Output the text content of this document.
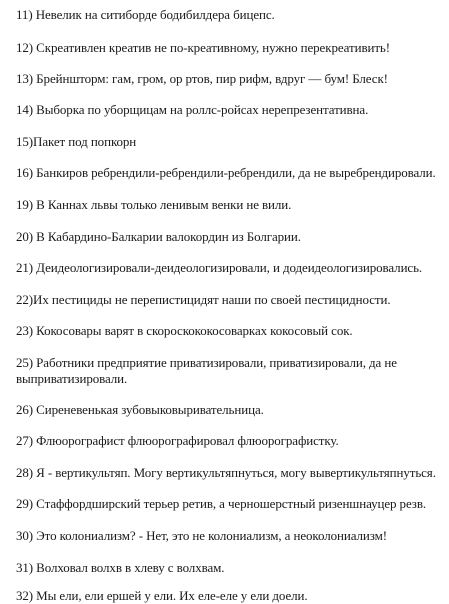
11) Невелик на ситиборде бодибилдера бицепс.
12) Скреативлен креатив не по-креативному, нужно перекреативить!
13) Брейншторм: гам, гром, ор ртов, пир рифм, вдруг — бум! Блеск!
14) Выборка по уборщицам на роллс-ройсах нерепрезентативна.
15)Пакет под попкорн
16) Банкиров ребрендили-ребрендили-ребрендили, да не выребрендировали.
19) В Каннах львы только ленивым венки не вили.
20) В Кабардино-Балкарии валокордин из Болгарии.
21) Деидеологизировали-деидеологизировали, и додеидеологизировались.
22)Их пестициды не перепистицидят наши по своей пестицидности.
23) Кокосовары варят в скороскококосоварках кокосовый сок.
25) Работники предприятие приватизировали, приватизировали, да не выприватизировали.
26) Сиреневенькая зубовыковыривательница.
27) Флюорографист флюорографировал флюорографистку.
28) Я - вертикультяп. Могу вертикультяпнуться, могу вывертикультяпнуться.
29) Стаффордширский терьер ретив, а черношерстный ризеншнауцер резв.
30) Это колониализм? - Нет, это не колониализм, а неоколониализм!
31) Волховал волхв в хлеву с волхвам.
32) Мы ели, ели ершей у ели. Их еле-еле у ели доели.
